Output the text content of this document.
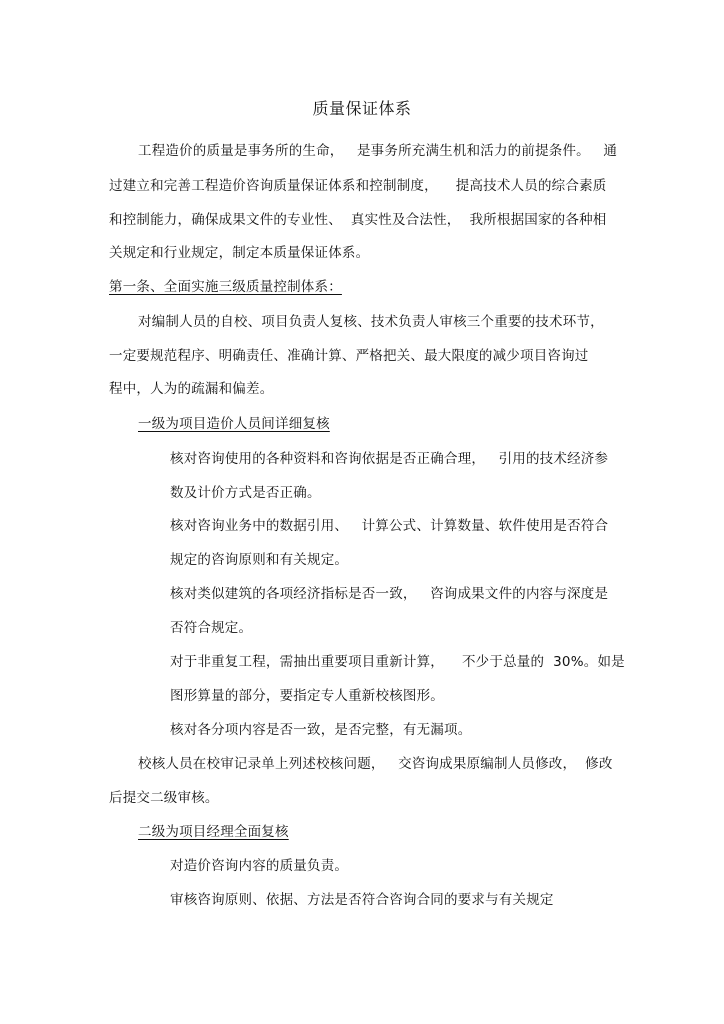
质量保证体系
工程造价的质量是事务所的生命，   是事务所充满生机和活力的前提条件。   通
过建立和完善工程造价咨询质量保证体系和控制制度，    提高技术人员的综合素质
和控制能力，确保成果文件的专业性、  真实性及合法性，  我所根据国家的各种相
关规定和行业规定，制定本质量保证体系。
第一条、全面实施三级质量控制体系：
对编制人员的自校、项目负责人复核、技术负责人审核三个重要的技术环节，
一定要规范程序、明确责任、准确计算、严格把关、最大限度的减少项目咨询过
程中，人为的疏漏和偏差。
一级为项目造价人员间详细复核
核对咨询使用的各种资料和咨询依据是否正确合理，   引用的技术经济参
数及计价方式是否正确。
核对咨询业务中的数据引用、   计算公式、计算数量、软件使用是否符合
规定的咨询原则和有关规定。
核对类似建筑的各项经济指标是否一致，   咨询成果文件的内容与深度是
否符合规定。
对于非重复工程，需抽出重要项目重新计算，    不少于总量的  30%。如是
图形算量的部分，要指定专人重新校核图形。
核对各分项内容是否一致，是否完整，有无漏项。
校核人员在校审记录单上列述校核问题，   交咨询成果原编制人员修改，  修改
后提交二级审核。
二级为项目经理全面复核
对造价咨询内容的质量负责。
审核咨询原则、依据、方法是否符合咨询合同的要求与有关规定
